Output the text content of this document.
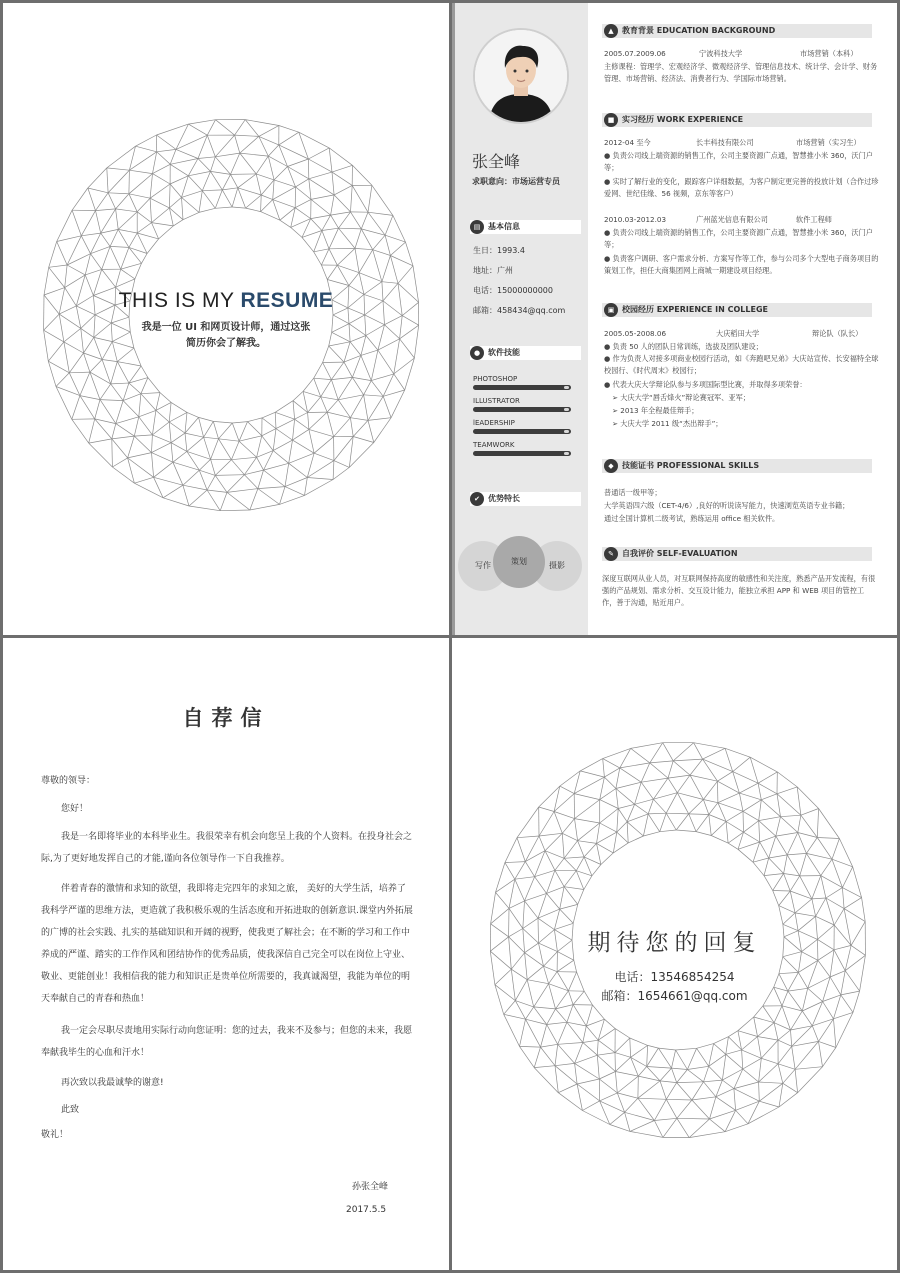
THIS IS MY RESUME
我是一位 UI 和网页设计师，通过这张
简历你会了解我。
张全峰
求职意向：市场运营专员
▤ 基本信息
生日：1993.4
地址：广州
电话：15000000000
邮箱：458434@qq.com
● 软件技能
PHOTOSHOP
ILLUSTRATOR
lEADERSHIP
TEAMWORK
✔	优势特长
写作	摄影
策划
▲	教育背景 EDUCATION BACKGROUND
2005.07.2009.06	宁波科技大学	市场营销（本科）
主修课程：管理学、宏观经济学、微观经济学、管理信息技术、统计学、会计学、财务管理、市场营销、经济法、消费者行为、学国际市场营销。
■ 实习经历 WORK EXPERIENCE
2012-04 至今	长丰科技有限公司	市场营销（实习生）
● 负责公司线上端资源的销售工作，公司主要资源广点通，智慧推小米 360，沃门户等；
● 实时了解行业的变化，跟踪客户详细数据，为客户制定更完善的投放计划（合作过珍爱网、世纪佳缘、56 视频，京东等客户）
2010.03-2012.03	广州蓝光信息有限公司	软件工程师
● 负责公司线上端资源的销售工作，公司主要资源广点通，智慧推小米 360，沃门户等；
● 负责客户调研、客户需求分析、方案写作等工作，参与公司多个大型电子商务项目的策划工作，担任大商集团网上商城一期建设项目经理。
▣ 校园经历 EXPERIENCE IN COLLEGE
2005.05-2008.06	大庆稻田大学	辩论队（队长）
● 负责 50 人的团队日常训练，选拔及团队建设；
● 作为负责人对接多项商业校园行活动，如《奔跑吧兄弟》大庆站宣传、长安福特全球校园行、《时代周末》校园行；
● 代表大庆大学辩论队参与多项国际型比赛，并取得多项荣誉：
➢ 大庆大学“唇舌烽火”辩论赛冠军、亚军；
➢ 2013 年全程最佳辩手；
➢ 大庆大学 2011 级“杰出辩手”；
◆	技能证书 PROFESSIONAL SKILLS
普通话一级甲等；
大学英语四六级（CET-4/6）,良好的听说读写能力，快速浏览英语专业书籍；
通过全国计算机二级考试，熟练运用 office 相关软件。
✎	自我评价 SELF-EVALUATION
深度互联网从业人员，对互联网保持高度的敏感性和关注度，熟悉产品开发流程，有很强的产品规划、需求分析、交互设计能力，能独立承担 APP 和 WEB 项目的管控工作，善于沟通，贴近用户。
自荐信
尊敬的领导：
您好！
我是一名即将毕业的本科毕业生。我很荣幸有机会向您呈上我的个人资料。在投身社会之际,为了更好地发挥自己的才能,谨向各位领导作一下自我推荐。
伴着青春的激情和求知的欲望，我即将走完四年的求知之旅， 美好的大学生活，培养了我科学严谨的思维方法，更造就了我积极乐观的生活态度和开拓进取的创新意识.课堂内外拓展的广博的社会实践、扎实的基础知识和开阔的视野，使我更了解社会；在不断的学习和工作中养成的严谨、踏实的工作作风和团结协作的优秀品质，使我深信自己完全可以在岗位上守业、敬业、更能创业！我相信我的能力和知识正是贵单位所需要的，我真诚渴望，我能为单位的明天奉献自己的青春和热血！
我一定会尽职尽责地用实际行动向您证明：您的过去，我来不及参与；但您的未来，我愿奉献我毕生的心血和汗水！
再次致以我最诚挚的谢意!
此致
敬礼！
孙张全峰
2017.5.5
期待您的回复
电话：13546854254
邮箱：1654661@qq.com
